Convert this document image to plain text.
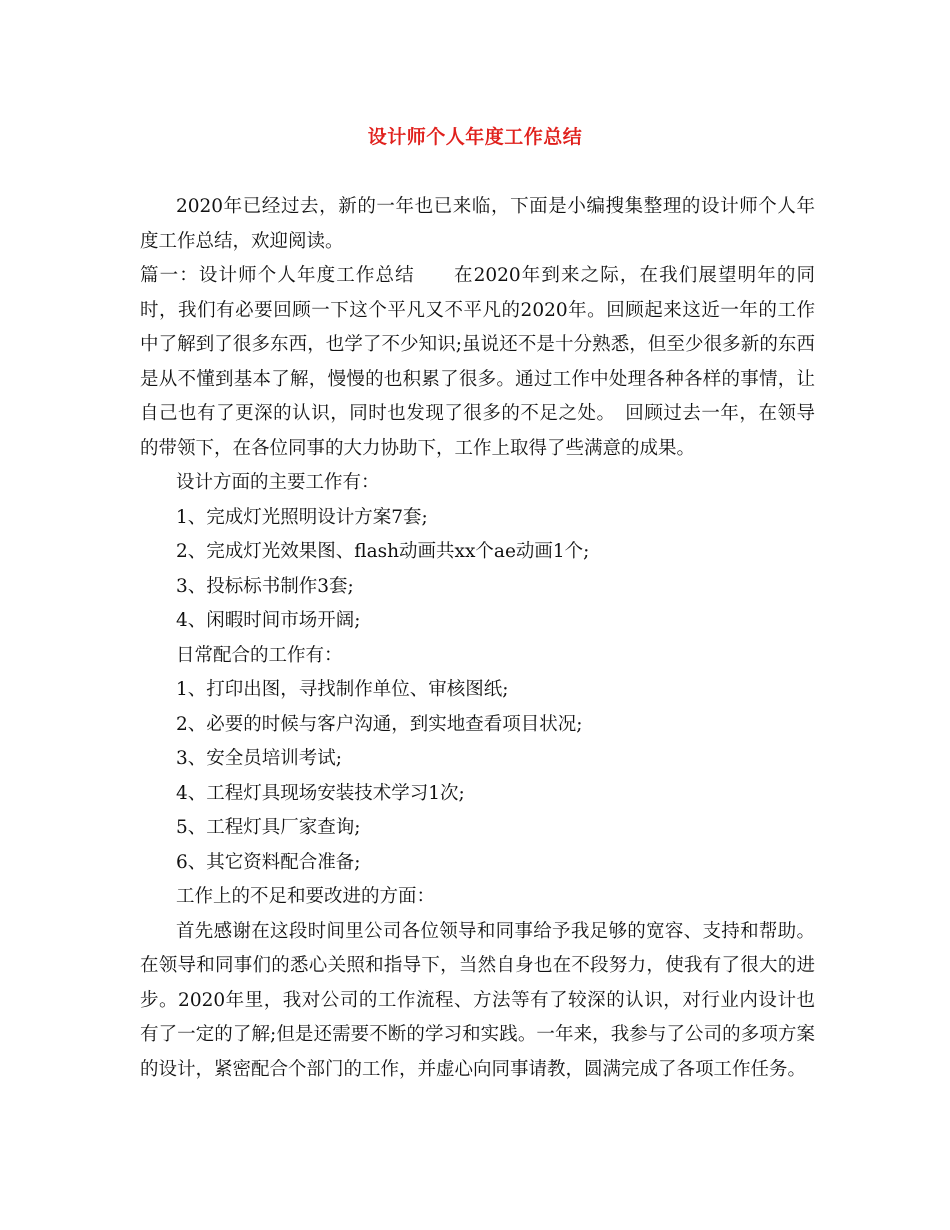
设计师个人年度工作总结

2020年已经过去，新的一年也已来临，下面是小编搜集整理的设计师个人年度工作总结，欢迎阅读。

篇一：设计师个人年度工作总结　　在2020年到来之际，在我们展望明年的同时，我们有必要回顾一下这个平凡又不平凡的2020年。回顾起来这近一年的工作中了解到了很多东西，也学了不少知识;虽说还不是十分熟悉，但至少很多新的东西是从不懂到基本了解，慢慢的也积累了很多。通过工作中处理各种各样的事情，让自己也有了更深的认识，同时也发现了很多的不足之处。　回顾过去一年，在领导的带领下，在各位同事的大力协助下，工作上取得了些满意的成果。

设计方面的主要工作有：

1、完成灯光照明设计方案7套;

2、完成灯光效果图、flash动画共xx个ae动画1个;

3、投标标书制作3套;

4、闲暇时间市场开阔;

日常配合的工作有：

1、打印出图，寻找制作单位、审核图纸;

2、必要的时候与客户沟通，到实地查看项目状况;

3、安全员培训考试;

4、工程灯具现场安装技术学习1次;

5、工程灯具厂家查询;

6、其它资料配合准备;

工作上的不足和要改进的方面：

首先感谢在这段时间里公司各位领导和同事给予我足够的宽容、支持和帮助。在领导和同事们的悉心关照和指导下，当然自身也在不段努力，使我有了很大的进步。2020年里，我对公司的工作流程、方法等有了较深的认识，对行业内设计也有了一定的了解;但是还需要不断的学习和实践。一年来，我参与了公司的多项方案的设计，紧密配合个部门的工作，并虚心向同事请教，圆满完成了各项工作任务。
